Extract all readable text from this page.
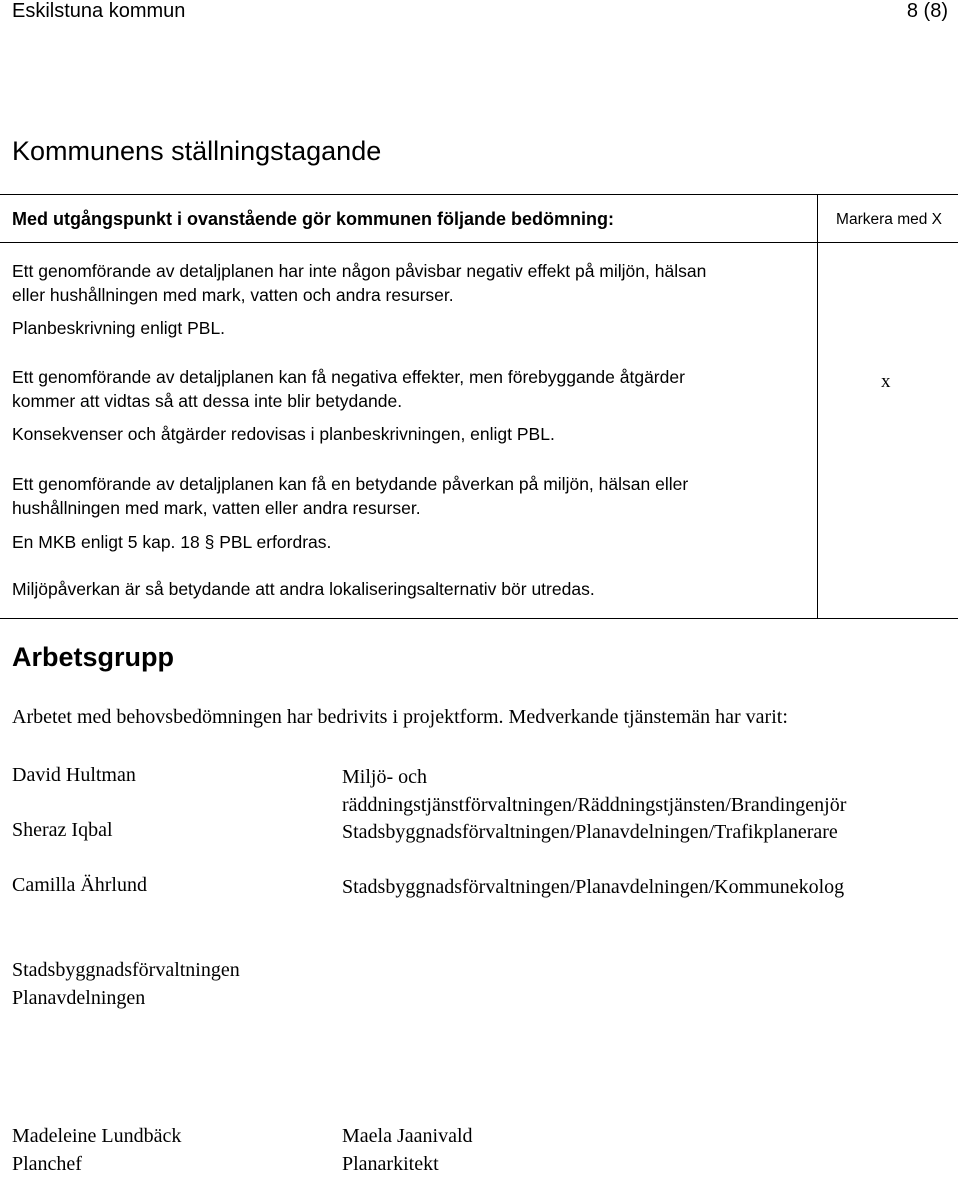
Eskilstuna kommun	8 (8)
Kommunens ställningstagande
Med utgångspunkt i ovanstående gör kommunen följande bedömning:	Markera med X
Ett genomförande av detaljplanen har inte någon påvisbar negativ effekt på miljön, hälsan
eller hushållningen med mark, vatten och andra resurser.
Planbeskrivning enligt PBL.
Ett genomförande av detaljplanen kan få negativa effekter, men förebyggande åtgärder
kommer att vidtas så att dessa inte blir betydande.
Konsekvenser och åtgärder redovisas i planbeskrivningen, enligt PBL.
x
Ett genomförande av detaljplanen kan få en betydande påverkan på miljön, hälsan eller
hushållningen med mark, vatten eller andra resurser.
En MKB enligt 5 kap. 18 § PBL erfordras.
Miljöpåverkan är så betydande att andra lokaliseringsalternativ bör utredas.
Arbetsgrupp
Arbetet med behovsbedömningen har bedrivits i projektform. Medverkande tjänstemän har varit:
David Hultman	Miljö- och
räddningstjänstförvaltningen/Räddningstjänsten/Brandingenjör
Sheraz Iqbal	Stadsbyggnadsförvaltningen/Planavdelningen/Trafikplanerare
Camilla Ährlund	Stadsbyggnadsförvaltningen/Planavdelningen/Kommunekolog
Stadsbyggnadsförvaltningen
Planavdelningen
Madeleine Lundbäck
Planchef
Maela Jaanivald
Planarkitekt
